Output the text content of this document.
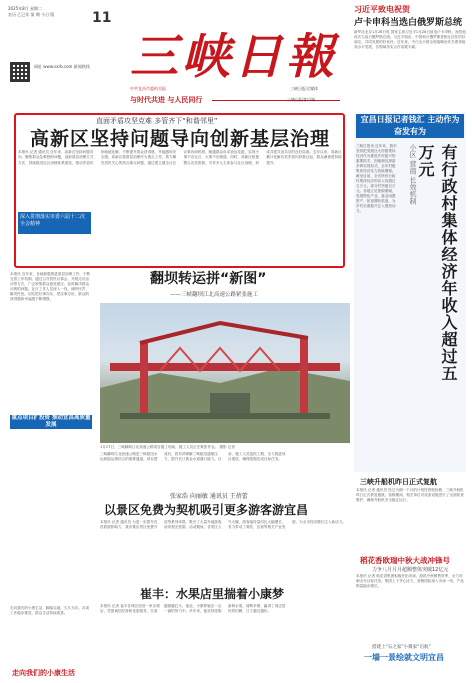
2025年8月 星期二
农历 乙巳年 第 期 今日 版	11
网址 www.sxrb.com 新闻热线 三峡日報
中共宜昌市委机关报	三峡日报全媒体
与时代共进 与人民同行	三峡日报客户端
习近平致电祝贺
卢卡申科当选白俄罗斯总统
新华社北京1月28日电 国家主席习近平1月28日致电卢卡申科，祝贺他再次当选白俄罗斯总统。习近平指出，中国和白俄罗斯是相互信任的好朋友、共同发展的好伙伴。近年来，中白全天候全面战略伙伴关系持续高水平发展，各领域务实合作成果丰硕。
直面矛盾攻坚克难 多管齐下“和谐邻里”
高新区坚持问题导向创新基层治理
本报讯 记者 通讯员 近年来，高新区坚持问题导向，聚焦群众急难愁盼问题，创新基层治理方式方法，持续推进社区治理体系建设，推动矛盾纠纷就地化解，不断提升群众获得感、幸福感和安全感。高新区将基层治理作为重点工作，着力解决居民关心的热点难点问题，通过建立健全社区议事协商机制，畅通群众诉求表达渠道，实现小事不出社区、大事不出街道。同时，高新区积极整合各类资源，引导多元主体参与社区治理，形成共建共治共享的良好局面。去年以来，高新区累计化解各类矛盾纠纷数百起，群众满意度持续提升。
深入贯彻落实市委六届十二次全会精神
宜昌日报记者钱汇 主动作为 奋发有为
有行政村集体经济年收入超过五万元
小区 营商 长效机制
三峡日报讯 近年来，我市坚持把发展壮大村级集体经济作为推进乡村振兴的重要抓手，因地制宜探索多种实现形式，全市村级集体经济实力持续增强。截至目前，全市所有行政村集体经济年收入均超过五万元，部分村突破百万元。各地立足资源禀赋，发展特色产业，盘活闲置资产，拓宽增收渠道，为乡村全面振兴注入强劲动力。
本报讯 近年来，各地积极推进基层治理工作，不断完善工作机制。通过召开居民议事会、开展走访活动等方式，广泛收集群众意见建议，及时解决群众反映的问题。社区工作人员深入一线，倾听民声，解决民忧，切实把好事办实、把实事办好，群众的获得感和幸福感不断增强。
重点项目扩投资 推动宜昌高质量发展
走向我们的小康生活，脚踏实地，久久为功。各项工作稳步推进，群众生活持续改善。
走向我们的小康生活
翻坝转运拼“新图”
——三峡翻坝江北高速公路紧张施工
1月27日，三峡翻坝江北高速公路项目施工现场，施工人员正在紧张作业。 摄影 记者
三峡翻坝江北高速公路是三峡枢纽水运和陆运相结合的重要通道。项目建成后，将有效缓解三峡枢纽通航压力，提升长江黄金水道通行能力。目前，施工人员抢抓工期，全力推进项目建设，确保按期完成目标任务。
张家浩 向丽敏 通讯员 王蓓蕾
以景区免费为契机吸引更多游客游宜昌
本报讯 记者 通讯员 为进一步提升宜昌旅游影响力，我市推出景区免费开放等系列举措，吸引了大量外地游客前来观光旅游。活动期间，各景区人气火爆，游客接待量同比大幅增长，有力带动了餐饮、住宿等相关产业发展，为全市经济增长注入新活力。
崔丰：水果店里揣着小康梦
本报讯 记者 崔丰在城区经营一家水果店，凭借诚信经营和优质服务，生意越做越红火。他说，小康梦就在一点一滴的努力中。多年来，他坚持选购新鲜水果，薄利多销，赢得了周边居民的信赖，日子越过越好。
三峡升船机昨日正式复航
本报讯 记者 通讯员 经过为期一个月的计划性停航检修，三峡升船机昨日正式恢复通航。检修期间，相关单位对设备设施进行了全面检查维护，确保升船机安全稳定运行。
稻花香欧瑞中秋大战冲锋号
力争八月月月超额整体突破12亿元
本报讯 记者 稻花香集团积极开拓市场，抢抓中秋销售旺季，全力冲刺全年目标任务。集团上下齐心协力，营销团队深入市场一线，产品销量稳步增长。
搭建上“石之家”小微家“启航”
一墙一景绘就文明宜昌
